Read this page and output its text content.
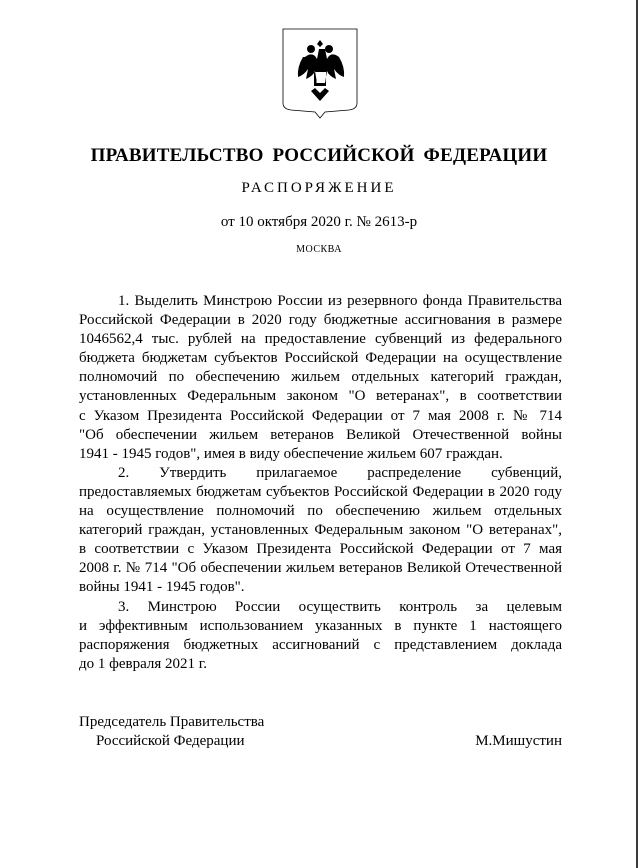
ПРАВИТЕЛЬСТВО РОССИЙСКОЙ ФЕДЕРАЦИИ
РАСПОРЯЖЕНИЕ
от 10 октября 2020 г. № 2613-р
МОСКВА
1. Выделить Минстрою России из резервного фонда Правительства
Российской Федерации в 2020 году бюджетные ассигнования в размере
1046562,4 тыс. рублей на предоставление субвенций из федерального
бюджета бюджетам субъектов Российской Федерации на осуществление
полномочий по обеспечению жильем отдельных категорий граждан,
установленных Федеральным законом "О ветеранах", в соответствии
с Указом Президента Российской Федерации от 7 мая 2008 г. № 714
"Об обеспечении жильем ветеранов Великой Отечественной войны
1941 - 1945 годов", имея в виду обеспечение жильем 607 граждан.
2. Утвердить прилагаемое распределение субвенций,
предоставляемых бюджетам субъектов Российской Федерации в 2020 году
на осуществление полномочий по обеспечению жильем отдельных
категорий граждан, установленных Федеральным законом "О ветеранах",
в соответствии с Указом Президента Российской Федерации от 7 мая
2008 г. № 714 "Об обеспечении жильем ветеранов Великой Отечественной
войны 1941 - 1945 годов".
3. Минстрою России осуществить контроль за целевым
и эффективным использованием указанных в пункте 1 настоящего
распоряжения бюджетных ассигнований с представлением доклада
до 1 февраля 2021 г.
Председатель Правительства
Российской Федерации	М.Мишустин
